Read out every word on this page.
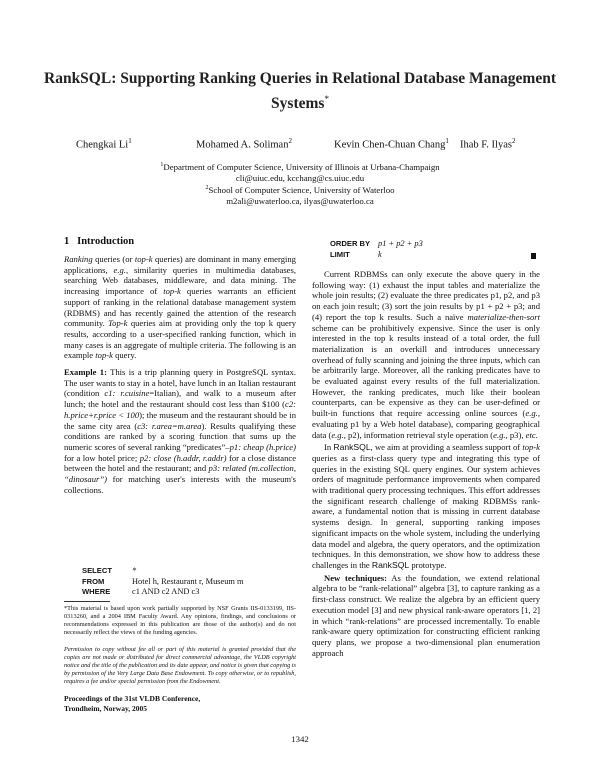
RankSQL: Supporting Ranking Queries in Relational Database Management Systems*
Chengkai Li$^1$	Mohamed A. Soliman$^2$	Kevin Chen-Chuan Chang$^1$ Ihab F. Ilyas$^2$
$^1$Department of Computer Science, University of Illinois at Urbana-Champaign
cli@uiuc.edu, kcchang@cs.uiuc.edu
$^2$School of Computer Science, University of Waterloo
m2ali@uwaterloo.ca, ilyas@uwaterloo.ca
1 Introduction

Ranking queries (or top-k queries) are dominant in many emerging applications, e.g., similarity queries in multimedia databases, searching Web databases, middleware, and data mining. The increasing importance of top-k queries warrants an efficient support of ranking in the relational database management system (RDBMS) and has recently gained the attention of the research community. Top-k queries aim at providing only the top k query results, according to a user-specified ranking function, which in many cases is an aggregate of multiple criteria. The following is an example top-k query.

Example 1: This is a trip planning query in PostgreSQL syntax. The user wants to stay in a hotel, have lunch in an Italian restaurant (condition c1: r.cuisine=Italian), and walk to a museum after lunch; the hotel and the restaurant should cost less than $100 (c2: h.price+r.price < 100); the museum and the restaurant should be in the same city area (c3: r.area=m.area). Results qualifying these conditions are ranked by a scoring function that sums up the numeric scores of several ranking “predicates”–p1: cheap (h.price) for a low hotel price; p2: close (h.addr, r.addr) for a close distance between the hotel and the restaurant; and p3: related (m.collection, “dinosaur”) for matching user's interests with the museum's collections.

SELECT *
FROM	Hotel h, Restaurant r, Museum m
WHERE	c1 AND c2 AND c3
*This material is based upon work partially supported by NSF Grants IIS-0133199, IIS-0313260, and a 2004 IBM Faculty Award. Any opinions, findings, and conclusions or recommendations expressed in this publication are those of the author(s) and do not necessarily reflect the views of the funding agencies.
Permission to copy without fee all or part of this material is granted provided that the copies are not made or distributed for direct commercial advantage, the VLDB copyright notice and the title of the publication and its date appear, and notice is given that copying is by permission of the Very Large Data Base Endowment. To copy otherwise, or to republish, requires a fee and/or special permission from the Endowment.
Proceedings of the 31st VLDB Conference,
Trondheim, Norway, 2005
ORDER BY p1 + p2 + p3
LIMIT	k

Current RDBMSs can only execute the above query in the following way: (1) exhaust the input tables and materialize the whole join results; (2) evaluate the three predicates p1, p2, and p3 on each join result; (3) sort the join results by p1 + p2 + p3; and (4) report the top k results. Such a naïve materialize-then-sort scheme can be prohibitively expensive. Since the user is only interested in the top k results instead of a total order, the full materialization is an overkill and introduces unnecessary overhead of fully scanning and joining the three inputs, which can be arbitrarily large. Moreover, all the ranking predicates have to be evaluated against every results of the full materialization. However, the ranking predicates, much like their boolean counterparts, can be expensive as they can be user-defined or built-in functions that require accessing online sources (e.g., evaluating p1 by a Web hotel database), comparing geographical data (e.g., p2), information retrieval style operation (e.g., p3), etc.

In RankSQL, we aim at providing a seamless support of top-k queries as a first-class query type and integrating this type of queries in the existing SQL query engines. Our system achieves orders of magnitude performance improvements when compared with traditional query processing techniques. This effort addresses the significant research challenge of making RDBMSs rank-aware, a fundamental notion that is missing in current database systems design. In general, supporting ranking imposes significant impacts on the whole system, including the underlying data model and algebra, the query operators, and the optimization techniques. In this demonstration, we show how to address these challenges in the RankSQL prototype.

New techniques: As the foundation, we extend relational algebra to be “rank-relational” algebra [3], to capture ranking as a first-class construct. We realize the algebra by an efficient query execution model [3] and new physical rank-aware operators [1, 2] in which “rank-relations” are processed incrementally. To enable rank-aware query optimization for constructing efficient ranking query plans, we propose a two-dimensional plan enumeration approach

1342
